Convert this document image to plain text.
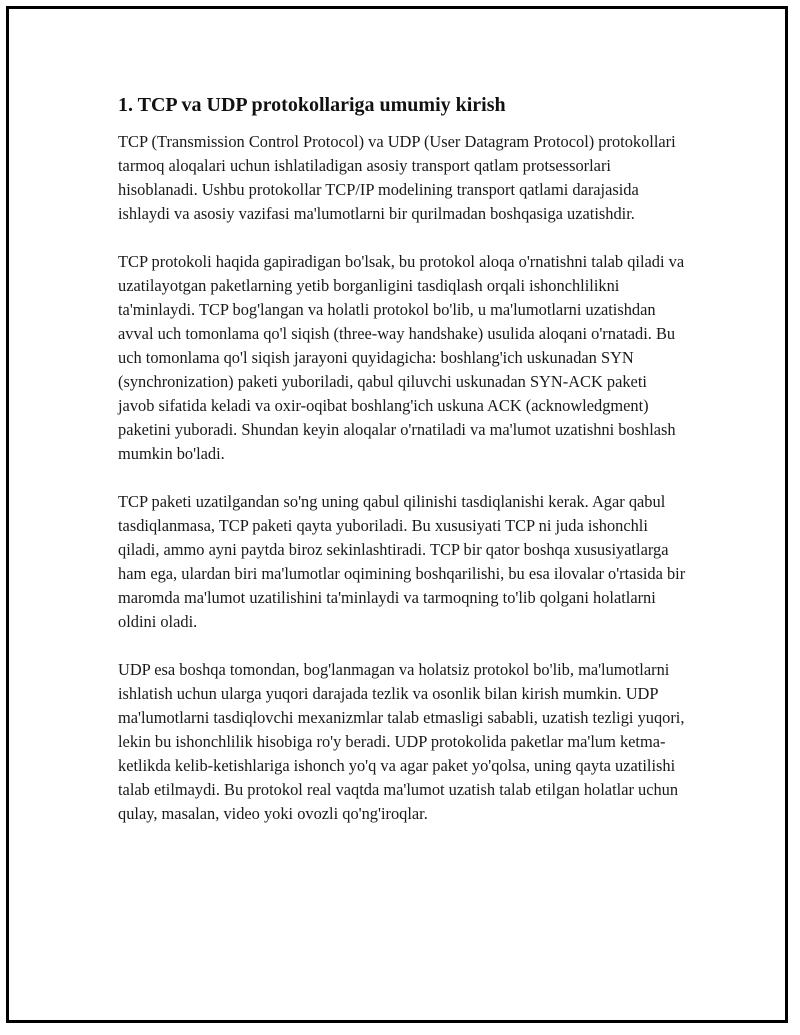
1. TCP va UDP protokollariga umumiy kirish

TCP (Transmission Control Protocol) va UDP (User Datagram Protocol) protokollari tarmoq aloqalari uchun ishlatiladigan asosiy transport qatlam protsessorlari hisoblanadi. Ushbu protokollar TCP/IP modelining transport qatlami darajasida ishlaydi va asosiy vazifasi ma'lumotlarni bir qurilmadan boshqasiga uzatishdir.

TCP protokoli haqida gapiradigan bo'lsak, bu protokol aloqa o'rnatishni talab qiladi va uzatilayotgan paketlarning yetib borganligini tasdiqlash orqali ishonchlilikni ta'minlaydi. TCP bog'langan va holatli protokol bo'lib, u ma'lumotlarni uzatishdan avval uch tomonlama qo'l siqish (three-way handshake) usulida aloqani o'rnatadi. Bu uch tomonlama qo'l siqish jarayoni quyidagicha: boshlang'ich uskunadan SYN (synchronization) paketi yuboriladi, qabul qiluvchi uskunadan SYN-ACK paketi javob sifatida keladi va oxir-oqibat boshlang'ich uskuna ACK (acknowledgment) paketini yuboradi. Shundan keyin aloqalar o'rnatiladi va ma'lumot uzatishni boshlash mumkin bo'ladi.

TCP paketi uzatilgandan so'ng uning qabul qilinishi tasdiqlanishi kerak. Agar qabul tasdiqlanmasa, TCP paketi qayta yuboriladi. Bu xususiyati TCP ni juda ishonchli qiladi, ammo ayni paytda biroz sekinlashtiradi. TCP bir qator boshqa xususiyatlarga ham ega, ulardan biri ma'lumotlar oqimining boshqarilishi, bu esa ilovalar o'rtasida bir maromda ma'lumot uzatilishini ta'minlaydi va tarmoqning to'lib qolgani holatlarni oldini oladi.

UDP esa boshqa tomondan, bog'lanmagan va holatsiz protokol bo'lib, ma'lumotlarni ishlatish uchun ularga yuqori darajada tezlik va osonlik bilan kirish mumkin. UDP ma'lumotlarni tasdiqlovchi mexanizmlar talab etmasligi sababli, uzatish tezligi yuqori, lekin bu ishonchlilik hisobiga ro'y beradi. UDP protokolida paketlar ma'lum ketma-ketlikda kelib-ketishlariga ishonch yo'q va agar paket yo'qolsa, uning qayta uzatilishi talab etilmaydi. Bu protokol real vaqtda ma'lumot uzatish talab etilgan holatlar uchun qulay, masalan, video yoki ovozli qo'ng'iroqlar.
